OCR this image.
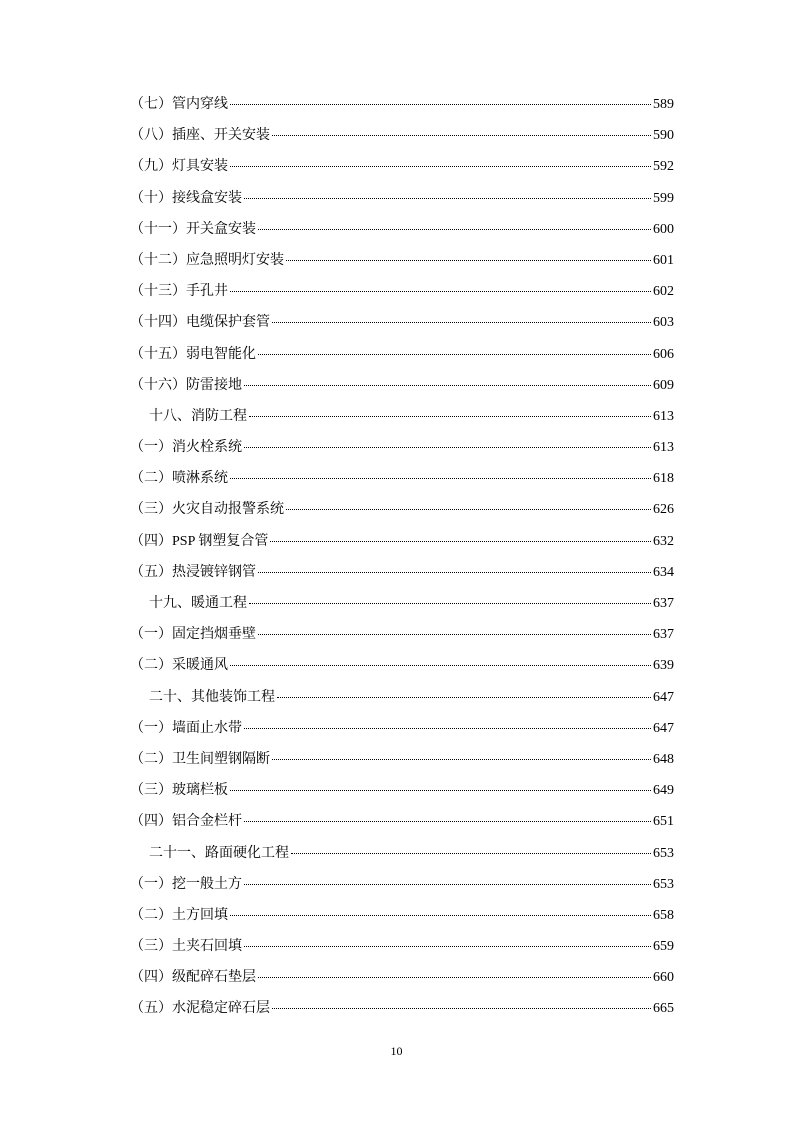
（七）管内穿线	589
（八）插座、开关安装	590
（九）灯具安装	592
（十）接线盒安装	599
（十一）开关盒安装	600
（十二）应急照明灯安装	601
（十三）手孔井	602
（十四）电缆保护套管	603
（十五）弱电智能化	606
（十六）防雷接地	609
十八、消防工程	613
（一）消火栓系统	613
（二）喷淋系统	618
（三）火灾自动报警系统	626
（四）PSP 钢塑复合管	632
（五）热浸镀锌钢管	634
十九、暖通工程	637
（一）固定挡烟垂壁	637
（二）采暖通风	639
二十、其他装饰工程	647
（一）墙面止水带	647
（二）卫生间塑钢隔断	648
（三）玻璃栏板	649
（四）铝合金栏杆	651
二十一、路面硬化工程	653
（一）挖一般土方	653
（二）土方回填	658
（三）土夹石回填	659
（四）级配碎石垫层	660
（五）水泥稳定碎石层	665
10
